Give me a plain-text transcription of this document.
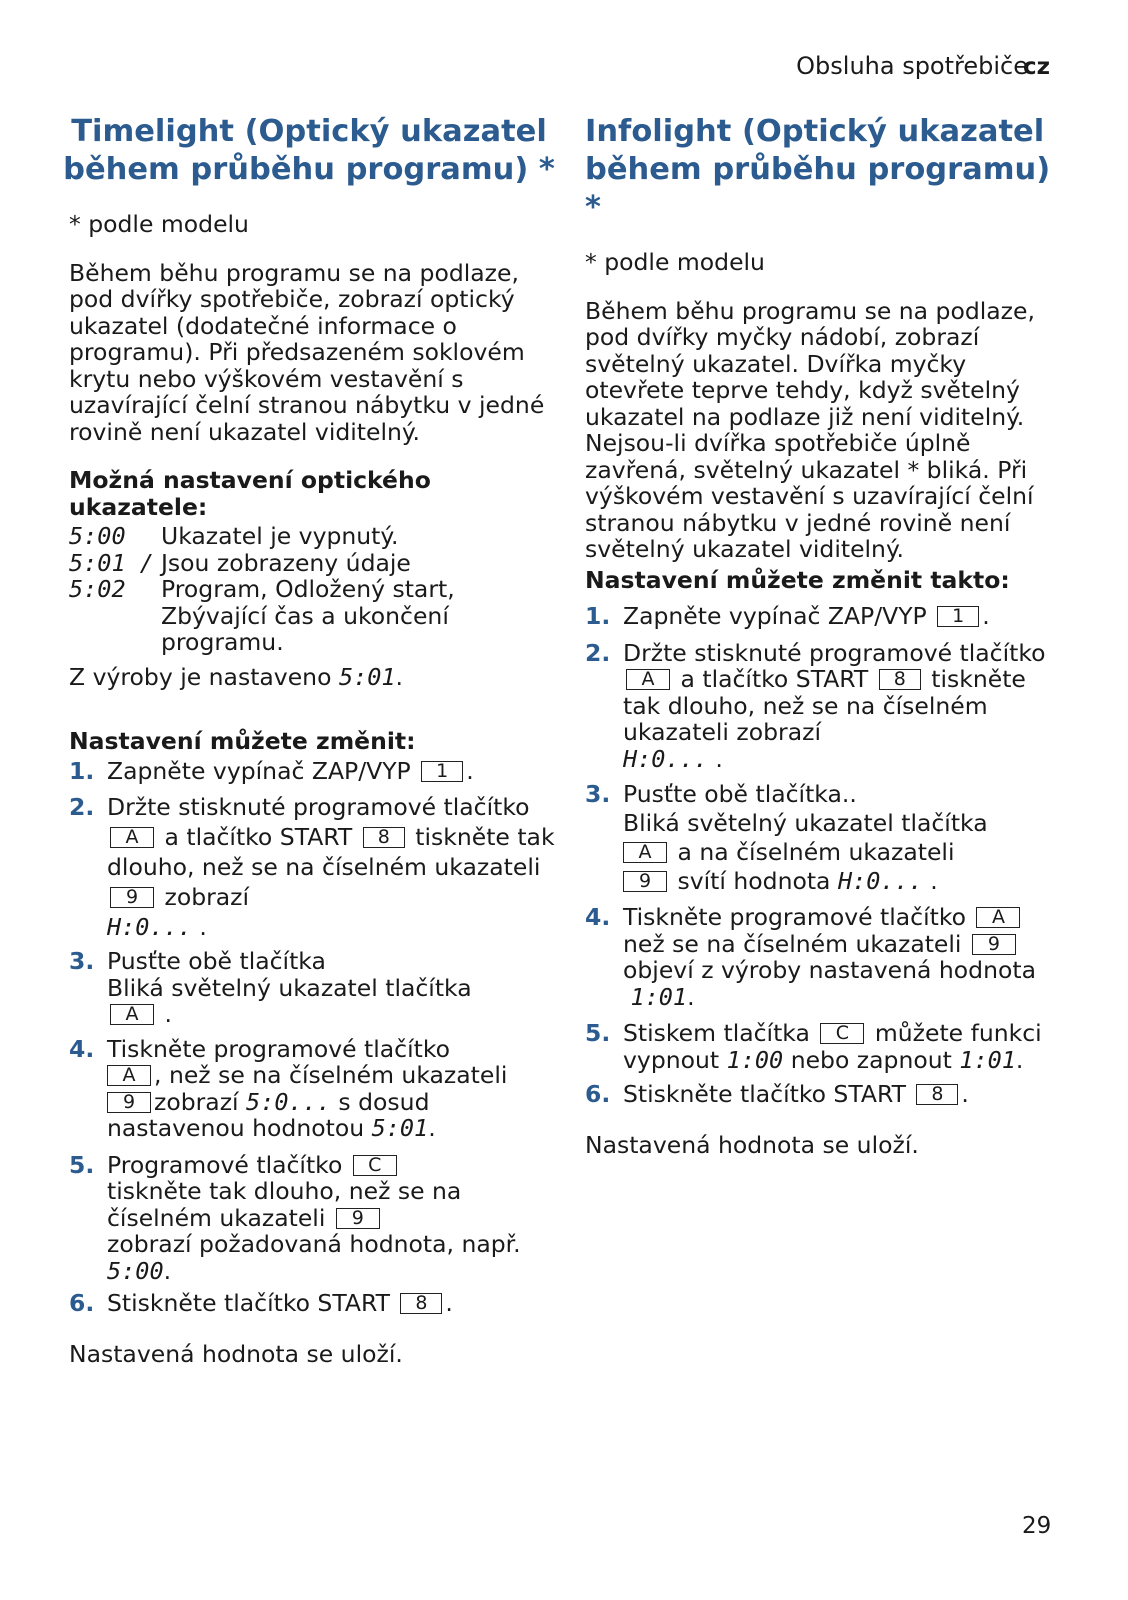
Obsluha spotřebiče
cz
Timelight (Optický ukazatel během průběhu programu) *

* podle modelu

Během běhu programu se na podlaze, pod dvířky spotřebiče, zobrazí optický ukazatel (dodatečné informace o programu). Při předsazeném soklovém krytu nebo výškovém vestavění s uzavírající čelní stranou nábytku v jedné rovině není ukazatel viditelný.

Možná nastavení optického ukazatele:

5:00	Ukazatel je vypnutý.
5:01 / Jsou zobrazeny údaje
5:02	Program, Odložený start, Zbývající čas a ukončení programu.

Z výroby je nastaveno 5:01.

Nastavení můžete změnit:

1. Zapněte vypínač ZAP/VYP 1 .
2. Držte stisknuté programové tlačítko A a tlačítko START 8 tiskněte tak dlouho, než se na číselném ukazateli 9 zobrazí
H:0... .
3. Pusťte obě tlačítka
Bliká světelný ukazatel tlačítka
A .
4. Tiskněte programové tlačítko
A , než se na číselném ukazateli
9 zobrazí 5:0... s dosud nastavenou hodnotou 5:01.
5. Programové tlačítko C
tiskněte tak dlouho, než se na číselném ukazateli 9
zobrazí požadovaná hodnota, např. 5:00.
6. Stiskněte tlačítko START 8 .

Nastavená hodnota se uloží.

Infolight (Optický ukazatel během průběhu programu) *

* podle modelu

Během běhu programu se na podlaze, pod dvířky myčky nádobí, zobrazí světelný ukazatel. Dvířka myčky otevřete teprve tehdy, když světelný ukazatel na podlaze již není viditelný. Nejsou-li dvířka spotřebiče úplně zavřená, světelný ukazatel * bliká. Při výškovém vestavění s uzavírající čelní stranou nábytku v jedné rovině není světelný ukazatel viditelný.

Nastavení můžete změnit takto:

1. Zapněte vypínač ZAP/VYP 1 .
2. Držte stisknuté programové tlačítko A a tlačítko START 8 tiskněte tak dlouho, než se na číselném ukazateli zobrazí
H:0... .
3. Pusťte obě tlačítka..
Bliká světelný ukazatel tlačítka
A a na číselném ukazateli
9 svítí hodnota H:0... .
4. Tiskněte programové tlačítko A než se na číselném ukazateli 9 objeví z výroby nastavená hodnota
1:01.
5. Stiskem tlačítka C můžete funkci vypnout 1:00 nebo zapnout 1:01.
6. Stiskněte tlačítko START 8 .

Nastavená hodnota se uloží.

29
